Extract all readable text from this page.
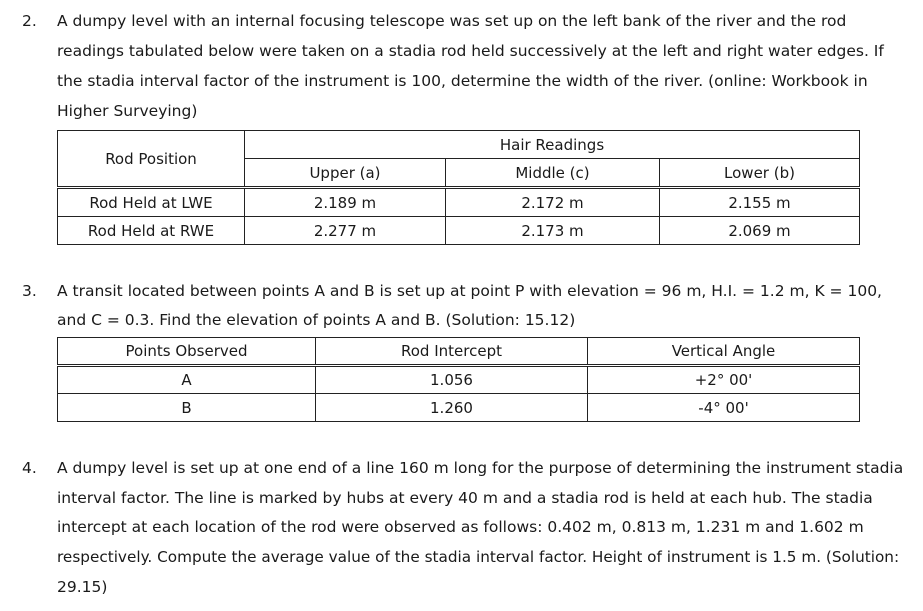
2. A dumpy level with an internal focusing telescope was set up on the left bank of the river and the rod
readings tabulated below were taken on a stadia rod held successively at the left and right water edges. If
the stadia interval factor of the instrument is 100, determine the width of the river. (online: Workbook in
Higher Surveying)
Rod Position	Hair Readings		
	Upper (a)	Middle (c)	Lower (b)
Rod Held at LWE	2.189 m	2.172 m	2.155 m
Rod Held at RWE	2.277 m	2.173 m	2.069 m
3. A transit located between points A and B is set up at point P with elevation = 96 m, H.I. = 1.2 m, K = 100,
and C = 0.3. Find the elevation of points A and B. (Solution: 15.12)
Points Observed	Rod Intercept	Vertical Angle
A	1.056	+2° 00'
B	1.260	-4° 00'
4. A dumpy level is set up at one end of a line 160 m long for the purpose of determining the instrument stadia
interval factor. The line is marked by hubs at every 40 m and a stadia rod is held at each hub. The stadia
intercept at each location of the rod were observed as follows: 0.402 m, 0.813 m, 1.231 m and 1.602 m
respectively. Compute the average value of the stadia interval factor. Height of instrument is 1.5 m. (Solution:
29.15)
